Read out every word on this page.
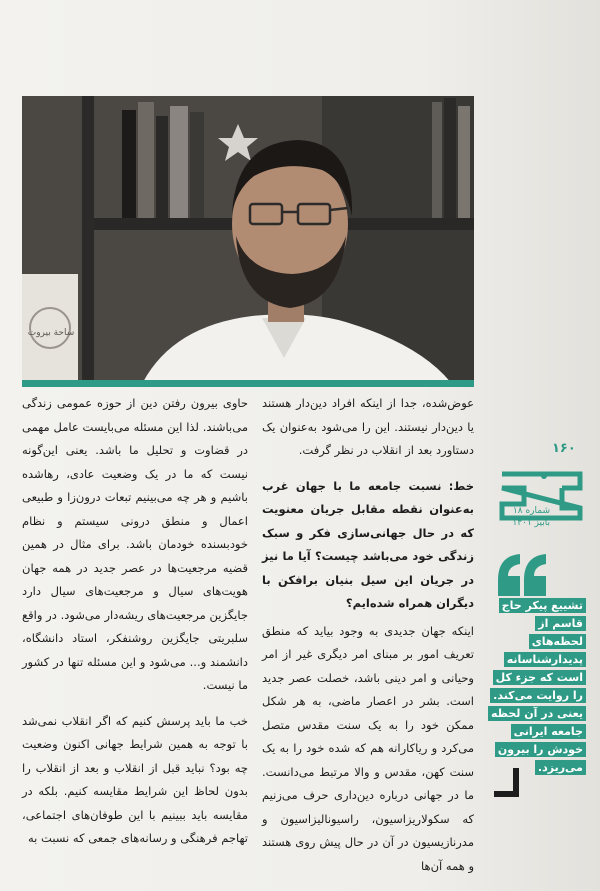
ساحة بيروت

عوض‌شده، جدا از اینکه افراد دین‌دار هستند یا دین‌دار نیستند. این را می‌شود به‌عنوان یک دستاورد بعد از انقلاب در نظر گرفت.

خط: نسبت جامعه ما با جهان غرب به‌عنوان نقطه مقابل جریان معنویت که در حال جهانی‌سازی فکر و سبک زندگی خود می‌باشد چیست؟ آیا ما نیز در جریان این سیل بنیان برافکن با دیگران همراه شده‌ایم؟

اینکه جهان جدیدی به وجود بیاید که منطق تعریف امور بر مبنای امر دیگری غیر از امر وحیانی و امر دینی باشد، خصلت عصر جدید است. بشر در اعصار ماضی، به هر شکل ممکن خود را به یک سنت مقدس متصل می‌کرد و ریاکارانه هم که شده خود را به یک سنت کهن، مقدس و والا مرتبط می‌دانست. ما در جهانی درباره دین‌داری حرف می‌زنیم که سکولاریزاسیون، راسیونالیزاسیون و مدرنازیسیون در آن در حال پیش روی هستند و همه آن‌ها

حاوی بیرون رفتن دین از حوزه عمومی زندگی می‌باشند. لذا این مسئله می‌بایست عامل مهمی در قضاوت و تحلیل ما باشد. یعنی این‌گونه نیست که ما در یک وضعیت عادی، رهاشده باشیم و هر چه می‌بینیم تبعات درون‌زا و طبیعی اعمال و منطق درونی سیستم و نظام خودبسنده خودمان باشد. برای مثال در همین قضیه مرجعیت‌ها در عصر جدید در همه جهان هویت‌های سیال و مرجعیت‌های سیال دارد جایگزین مرجعیت‌های ریشه‌دار می‌شود. در واقع سلبریتی جایگزین روشنفکر، استاد دانشگاه، دانشمند و... می‌شود و این مسئله تنها در کشور ما نیست.

خب ما باید پرسش کنیم که اگر انقلاب نمی‌شد با توجه به همین شرایط جهانی اکنون وضعیت چه بود؟ نباید قبل از انقلاب و بعد از انقلاب را بدون لحاظ این شرایط مقایسه کنیم. بلکه در مقایسه باید ببینیم با این طوفان‌های اجتماعی، تهاجم فرهنگی و رسانه‌های جمعی که نسبت به

۱۶۰
شماره ۱۸
بابیز ۱۴۰۱
تشییع پیکر حاج قاسم از لحظه‌های پدیدارشناسانه است که جزء کل را روایت می‌کند. یعنی در آن لحظه جامعه ایرانی خودش را بیرون می‌ریزد.
